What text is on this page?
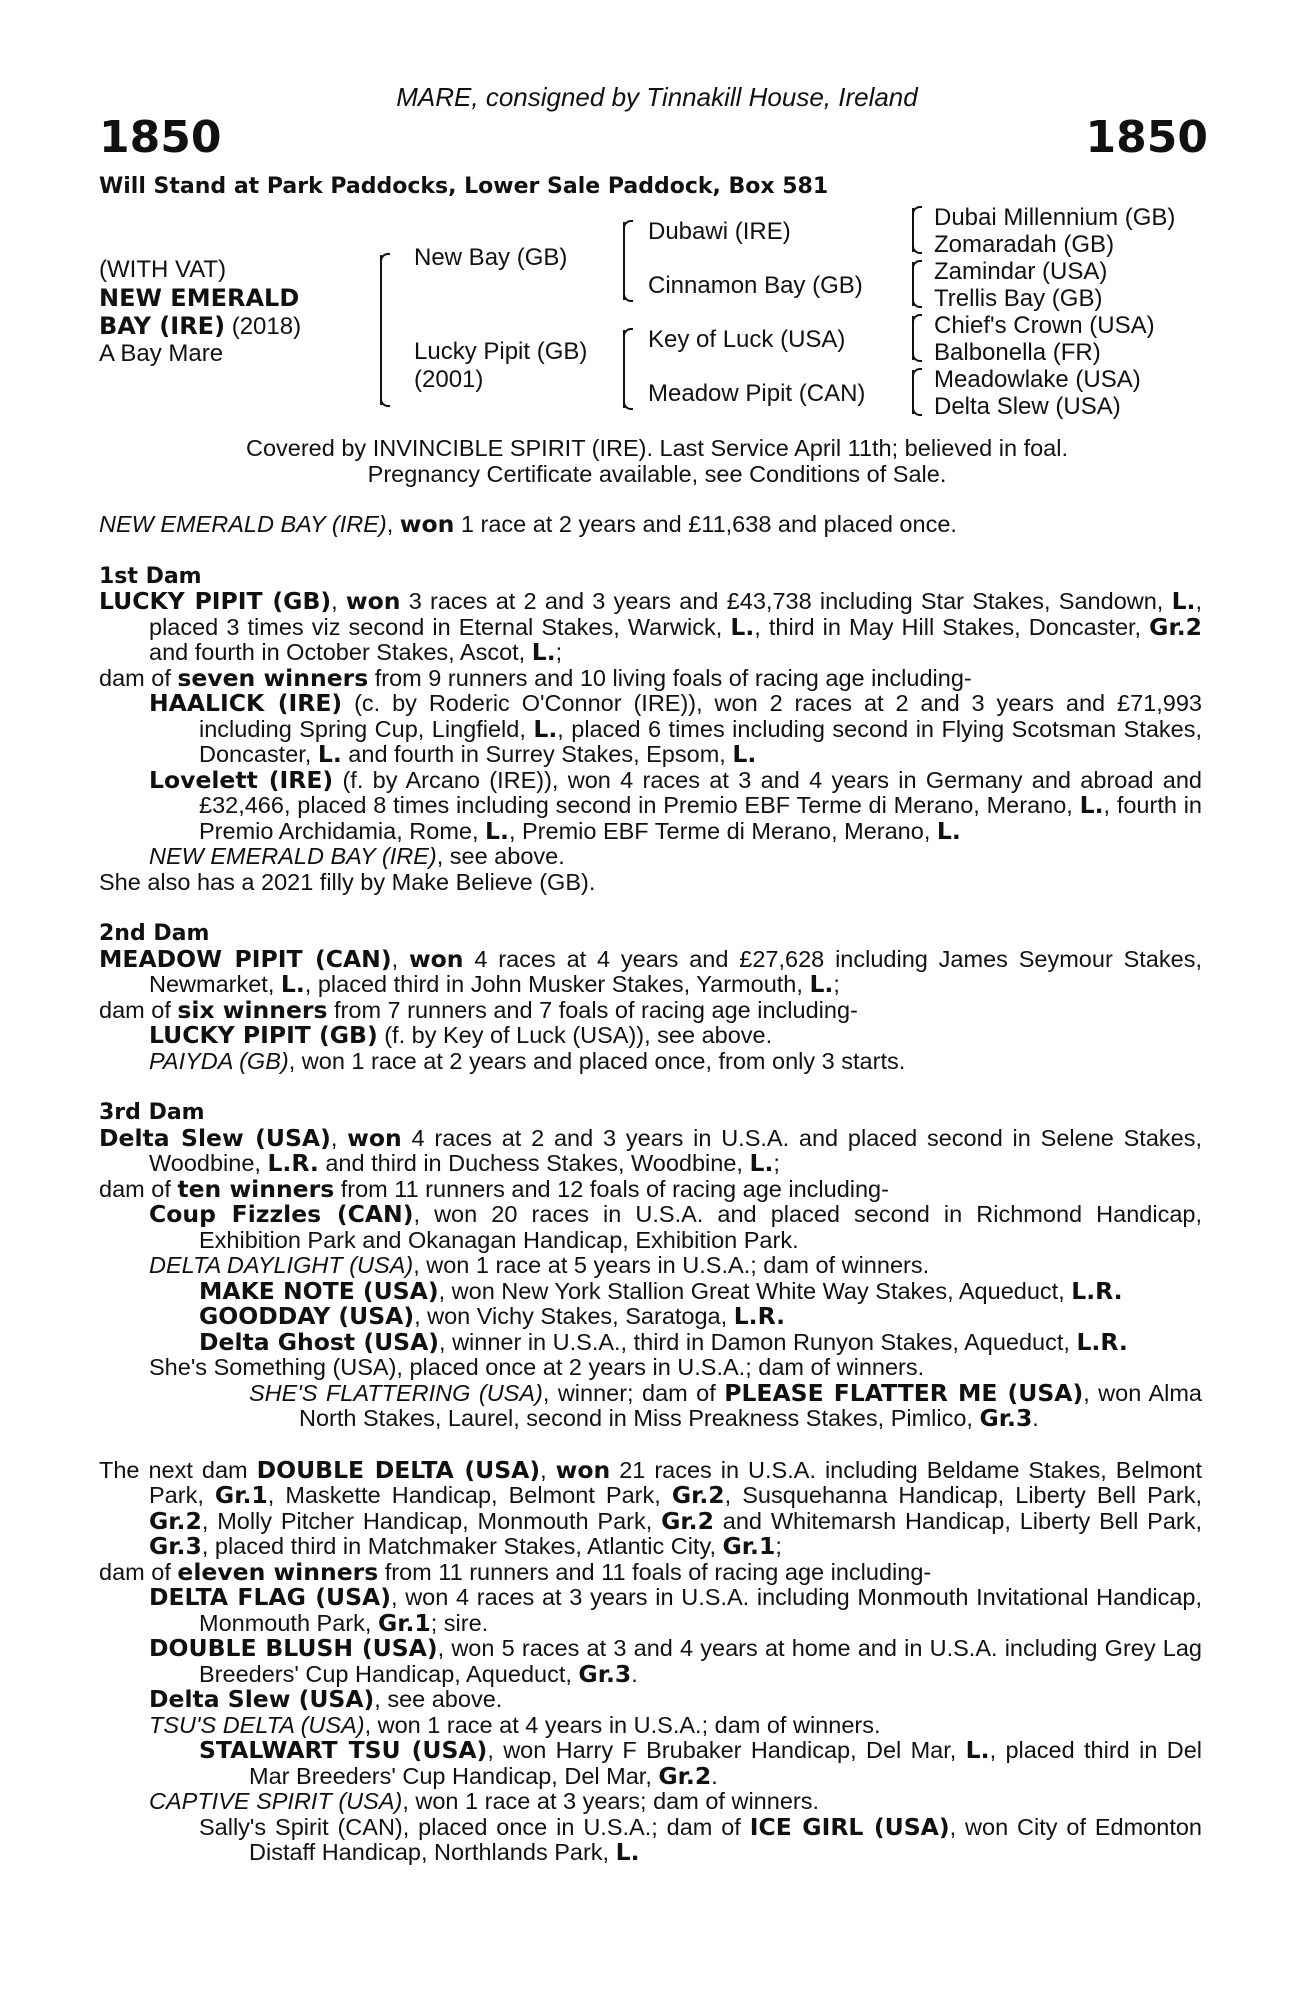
MARE, consigned by Tinnakill House, Ireland
1850	1850
Will Stand at Park Paddocks, Lower Sale Paddock, Box 581
(WITH VAT)
NEW EMERALD
BAY (IRE) (2018)
A Bay Mare
New Bay (GB)
Lucky Pipit (GB)
(2001)
Dubawi (IRE)
Cinnamon Bay (GB)
Key of Luck (USA)
Meadow Pipit (CAN)
Dubai Millennium (GB)
Zomaradah (GB)
Zamindar (USA)
Trellis Bay (GB)
Chief's Crown (USA)
Balbonella (FR)
Meadowlake (USA)
Delta Slew (USA)
Covered by INVINCIBLE SPIRIT (IRE). Last Service April 11th; believed in foal.
Pregnancy Certificate available, see Conditions of Sale.

NEW EMERALD BAY (IRE), won 1 race at 2 years and £11,638 and placed once.

1st Dam

LUCKY PIPIT (GB), won 3 races at 2 and 3 years and £43,738 including Star Stakes, Sandown, L., placed 3 times viz second in Eternal Stakes, Warwick, L., third in May Hill Stakes, Doncaster, Gr.2 and fourth in October Stakes, Ascot, L.;

dam of seven winners from 9 runners and 10 living foals of racing age including-

HAALICK (IRE) (c. by Roderic O'Connor (IRE)), won 2 races at 2 and 3 years and £71,993 including Spring Cup, Lingfield, L., placed 6 times including second in Flying Scotsman Stakes, Doncaster, L. and fourth in Surrey Stakes, Epsom, L.

Lovelett (IRE) (f. by Arcano (IRE)), won 4 races at 3 and 4 years in Germany and abroad and £32,466, placed 8 times including second in Premio EBF Terme di Merano, Merano, L., fourth in Premio Archidamia, Rome, L., Premio EBF Terme di Merano, Merano, L.

NEW EMERALD BAY (IRE), see above.

She also has a 2021 filly by Make Believe (GB).

2nd Dam

MEADOW PIPIT (CAN), won 4 races at 4 years and £27,628 including James Seymour Stakes, Newmarket, L., placed third in John Musker Stakes, Yarmouth, L.;

dam of six winners from 7 runners and 7 foals of racing age including-

LUCKY PIPIT (GB) (f. by Key of Luck (USA)), see above.

PAIYDA (GB), won 1 race at 2 years and placed once, from only 3 starts.

3rd Dam

Delta Slew (USA), won 4 races at 2 and 3 years in U.S.A. and placed second in Selene Stakes, Woodbine, L.R. and third in Duchess Stakes, Woodbine, L.;

dam of ten winners from 11 runners and 12 foals of racing age including-

Coup Fizzles (CAN), won 20 races in U.S.A. and placed second in Richmond Handicap, Exhibition Park and Okanagan Handicap, Exhibition Park.

DELTA DAYLIGHT (USA), won 1 race at 5 years in U.S.A.; dam of winners.

MAKE NOTE (USA), won New York Stallion Great White Way Stakes, Aqueduct, L.R.

GOODDAY (USA), won Vichy Stakes, Saratoga, L.R.

Delta Ghost (USA), winner in U.S.A., third in Damon Runyon Stakes, Aqueduct, L.R.

She's Something (USA), placed once at 2 years in U.S.A.; dam of winners.

SHE'S FLATTERING (USA), winner; dam of PLEASE FLATTER ME (USA), won Alma North Stakes, Laurel, second in Miss Preakness Stakes, Pimlico, Gr.3.

The next dam DOUBLE DELTA (USA), won 21 races in U.S.A. including Beldame Stakes, Belmont Park, Gr.1, Maskette Handicap, Belmont Park, Gr.2, Susquehanna Handicap, Liberty Bell Park, Gr.2, Molly Pitcher Handicap, Monmouth Park, Gr.2 and Whitemarsh Handicap, Liberty Bell Park, Gr.3, placed third in Matchmaker Stakes, Atlantic City, Gr.1;

dam of eleven winners from 11 runners and 11 foals of racing age including-

DELTA FLAG (USA), won 4 races at 3 years in U.S.A. including Monmouth Invitational Handicap, Monmouth Park, Gr.1; sire.

DOUBLE BLUSH (USA), won 5 races at 3 and 4 years at home and in U.S.A. including Grey Lag Breeders' Cup Handicap, Aqueduct, Gr.3.

Delta Slew (USA), see above.

TSU'S DELTA (USA), won 1 race at 4 years in U.S.A.; dam of winners.

STALWART TSU (USA), won Harry F Brubaker Handicap, Del Mar, L., placed third in Del Mar Breeders' Cup Handicap, Del Mar, Gr.2.

CAPTIVE SPIRIT (USA), won 1 race at 3 years; dam of winners.

Sally's Spirit (CAN), placed once in U.S.A.; dam of ICE GIRL (USA), won City of Edmonton Distaff Handicap, Northlands Park, L.
